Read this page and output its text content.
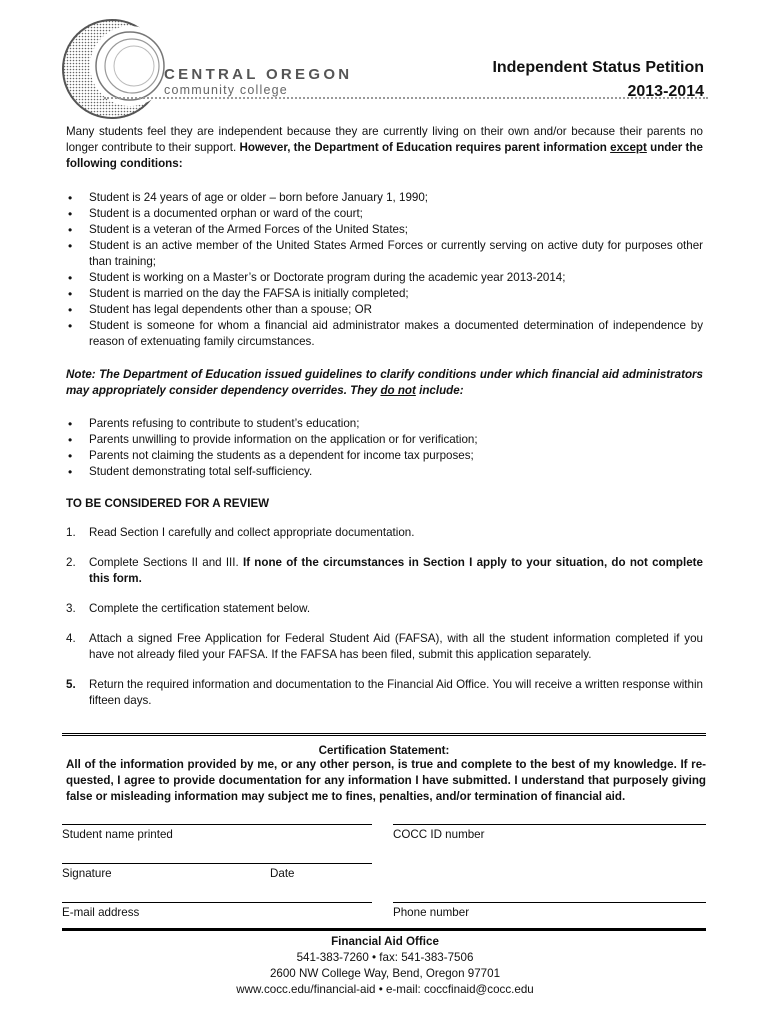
CENTRAL OREGON
community college
Independent Status Petition
2013-2014

Many students feel they are independent because they are currently living on their own and/or because their parents no longer contribute to their support. However, the Department of Education requires parent information except under the following conditions:

• Student is 24 years of age or older – born before January 1, 1990;
• Student is a documented orphan or ward of the court;
• Student is a veteran of the Armed Forces of the United States;
• Student is an active member of the United States Armed Forces or currently serving on active duty for purposes other than training;
• Student is working on a Master’s or Doctorate program during the academic year 2013-2014;
• Student is married on the day the FAFSA is initially completed;
• Student has legal dependents other than a spouse; OR
• Student is someone for whom a financial aid administrator makes a documented determination of independence by reason of extenuating family circumstances.

Note: The Department of Education issued guidelines to clarify conditions under which financial aid administrators may appropriately consider dependency overrides. They do not include:

• Parents refusing to contribute to student’s education;
• Parents unwilling to provide information on the application or for verification;
• Parents not claiming the students as a dependent for income tax purposes;
• Student demonstrating total self-sufficiency.

TO BE CONSIDERED FOR A REVIEW

1. Read Section I carefully and collect appropriate documentation.
2. Complete Sections II and III. If none of the circumstances in Section I apply to your situation, do not complete this form.
3. Complete the certification statement below.
4. Attach a signed Free Application for Federal Student Aid (FAFSA), with all the student information completed if you have not already filed your FAFSA. If the FAFSA has been filed, submit this application separately.
5. Return the required information and documentation to the Financial Aid Office. You will receive a written response within fifteen days.
Certification Statement:
All of the information provided by me, or any other person, is true and complete to the best of my knowledge. If re-quested, I agree to provide documentation for any information I have submitted. I understand that purposely giving false or misleading information may subject me to fines, penalties, and/or termination of financial aid.
Student name printed	COCC ID number
Signature	Date
E-mail address	Phone number
Financial Aid Office
541-383-7260 • fax: 541-383-7506
2600 NW College Way, Bend, Oregon 97701
www.cocc.edu/financial-aid • e-mail: coccfinaid@cocc.edu
